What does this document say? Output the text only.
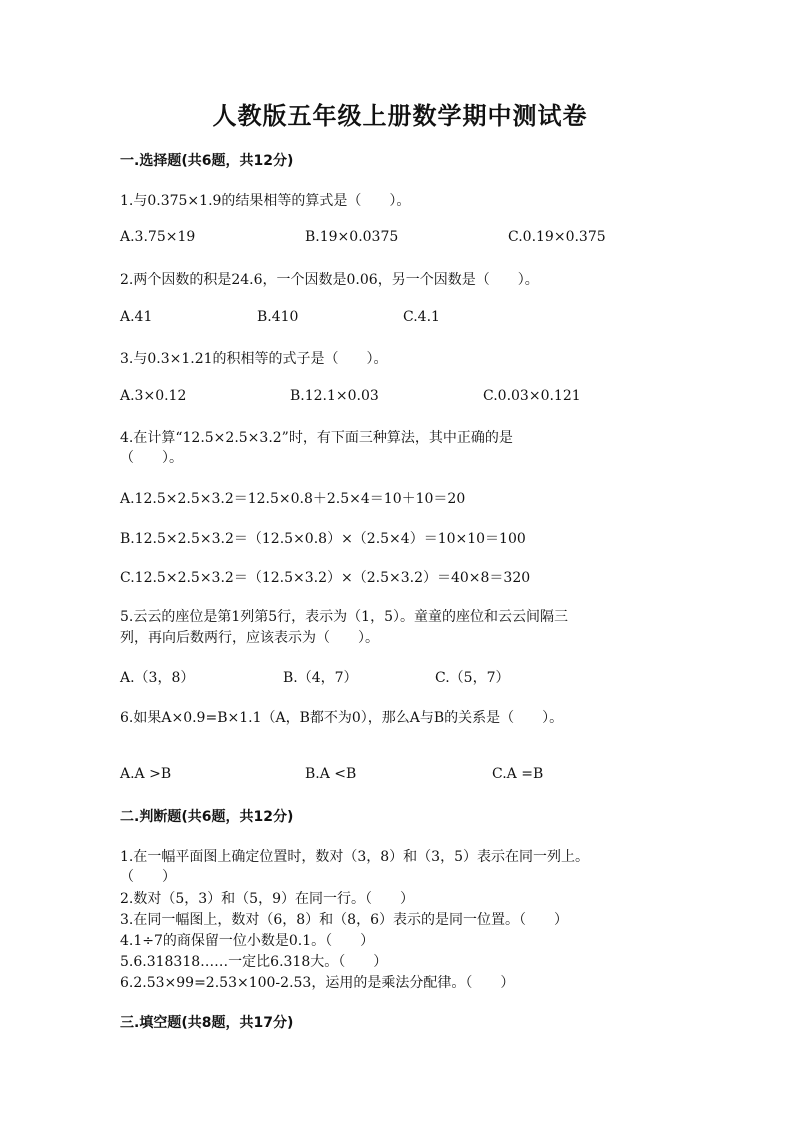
人教版五年级上册数学期中测试卷
一.选择题(共6题，共12分)
1.与0.375×1.9的结果相等的算式是（　　）。
A.3.75×19	B.19×0.0375	C.0.19×0.375
2.两个因数的积是24.6，一个因数是0.06，另一个因数是（　　）。
A.41	B.410	C.4.1
3.与0.3×1.21的积相等的式子是（　　）。
A.3×0.12	B.12.1×0.03	C.0.03×0.121
4.在计算“12.5×2.5×3.2”时，有下面三种算法，其中正确的是
（　　）。
A.12.5×2.5×3.2＝12.5×0.8＋2.5×4＝10＋10＝20
B.12.5×2.5×3.2＝（12.5×0.8）×（2.5×4）＝10×10＝100
C.12.5×2.5×3.2＝（12.5×3.2）×（2.5×3.2）＝40×8＝320
5.云云的座位是第1列第5行，表示为（1，5）。童童的座位和云云间隔三
列，再向后数两行，应该表示为（　　）。
A.（3，8）	B.（4，7）	C.（5，7）
6.如果A×0.9=B×1.1（A，B都不为0），那么A与B的关系是（　　）。
A.A >B	B.A <B	C.A =B
二.判断题(共6题，共12分)
1.在一幅平面图上确定位置时，数对（3，8）和（3，5）表示在同一列上。
（　　）
2.数对（5，3）和（5，9）在同一行。（　　）
3.在同一幅图上，数对（6，8）和（8，6）表示的是同一位置。（　　）
4.1÷7的商保留一位小数是0.1。（　　）
5.6.318318……一定比6.318大。（　　）
6.2.53×99=2.53×100-2.53，运用的是乘法分配律。（　　）
三.填空题(共8题，共17分)
